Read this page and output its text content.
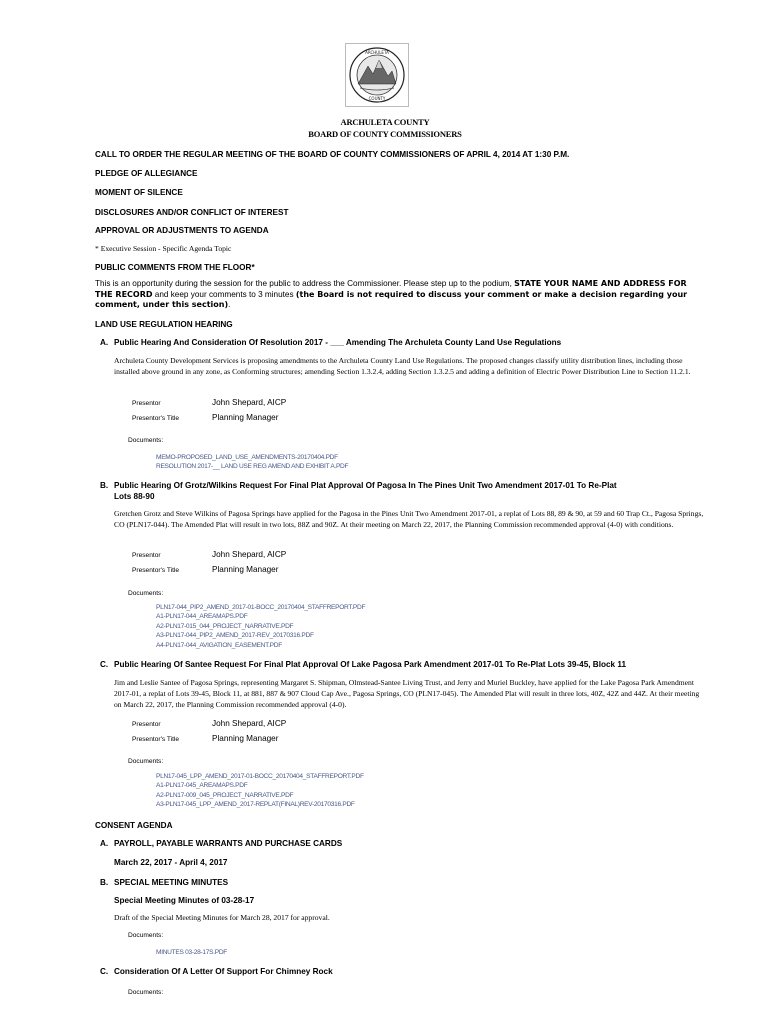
ARCHULETA
COUNTY
ARCHULETA COUNTY
BOARD OF COUNTY COMMISSIONERS
CALL TO ORDER THE REGULAR MEETING OF THE BOARD OF COUNTY COMMISSIONERS OF APRIL 4, 2014 AT 1:30 P.M.
PLEDGE OF ALLEGIANCE
MOMENT OF SILENCE
DISCLOSURES AND/OR CONFLICT OF INTEREST
APPROVAL OR ADJUSTMENTS TO AGENDA
* Executive Session - Specific Agenda Topic
PUBLIC COMMENTS FROM THE FLOOR*
This is an opportunity during the session for the public to address the Commissioner. Please step up to the podium, STATE YOUR NAME AND ADDRESS FOR THE RECORD and keep your comments to 3 minutes (the Board is not required to discuss your comment or make a decision regarding your comment, under this section).
LAND USE REGULATION HEARING
A. Public Hearing And Consideration Of Resolution 2017 - ___ Amending The Archuleta County Land Use Regulations
Archuleta County Development Services is proposing amendments to the Archuleta County Land Use Regulations. The proposed changes classify utility distribution lines, including those installed above ground in any zone, as Conforming structures; amending Section 1.3.2.4, adding Section 1.3.2.5 and adding a definition of Electric Power Distribution Line to Section 11.2.1.
Presentor	John Shepard, AICP
Presentor's Title	Planning Manager
Documents:
MEMO-PROPOSED_LAND_USE_AMENDMENTS-20170404.PDF
RESOLUTION 2017-__ LAND USE REG AMEND AND EXHIBIT A.PDF
B. Public Hearing Of Grotz/Wilkins Request For Final Plat Approval Of Pagosa In The Pines Unit Two Amendment 2017-01 To Re-Plat
Lots 88-90
Gretchen Grotz and Steve Wilkins of Pagosa Springs have applied for the Pagosa in the Pines Unit Two Amendment 2017-01, a replat of Lots 88, 89 & 90, at 59 and 60 Trap Ct., Pagosa Springs, CO (PLN17-044). The Amended Plat will result in two lots, 88Z and 90Z. At their meeting on March 22, 2017, the Planning Commission recommended approval (4-0) with conditions.
Presentor	John Shepard, AICP
Presentor's Title	Planning Manager
Documents:
PLN17-044_PIP2_AMEND_2017-01-BOCC_20170404_STAFFREPORT.PDF
A1-PLN17-044_AREAMAPS.PDF
A2-PLN17-015_044_PROJECT_NARRATIVE.PDF
A3-PLN17-044_PIP2_AMEND_2017-REV_20170316.PDF
A4-PLN17-044_AVIGATION_EASEMENT.PDF
C. Public Hearing Of Santee Request For Final Plat Approval Of Lake Pagosa Park Amendment 2017-01 To Re-Plat Lots 39-45, Block 11
Jim and Leslie Santee of Pagosa Springs, representing Margaret S. Shipman, Olmstead-Santee Living Trust, and Jerry and Muriel Buckley, have applied for the Lake Pagosa Park Amendment 2017-01, a replat of Lots 39-45, Block 11, at 881, 887 & 907 Cloud Cap Ave., Pagosa Springs, CO (PLN17-045). The Amended Plat will result in three lots, 40Z, 42Z and 44Z. At their meeting on March 22, 2017, the Planning Commission recommended approval (4-0).
Presentor	John Shepard, AICP
Presentor's Title	Planning Manager
Documents:
PLN17-045_LPP_AMEND_2017-01-BOCC_20170404_STAFFREPORT.PDF
A1-PLN17-045_AREAMAPS.PDF
A2-PLN17-009_045_PROJECT_NARRATIVE.PDF
A3-PLN17-045_LPP_AMEND_2017-REPLAT(FINAL)REV-20170316.PDF
CONSENT AGENDA
A. PAYROLL, PAYABLE WARRANTS AND PURCHASE CARDS
March 22, 2017 - April 4, 2017
B. SPECIAL MEETING MINUTES
Special Meeting Minutes of 03-28-17
Draft of the Special Meeting Minutes for March 28, 2017 for approval.
Documents:
MINUTES 03-28-17S.PDF
C. Consideration Of A Letter Of Support For Chimney Rock
Documents:
